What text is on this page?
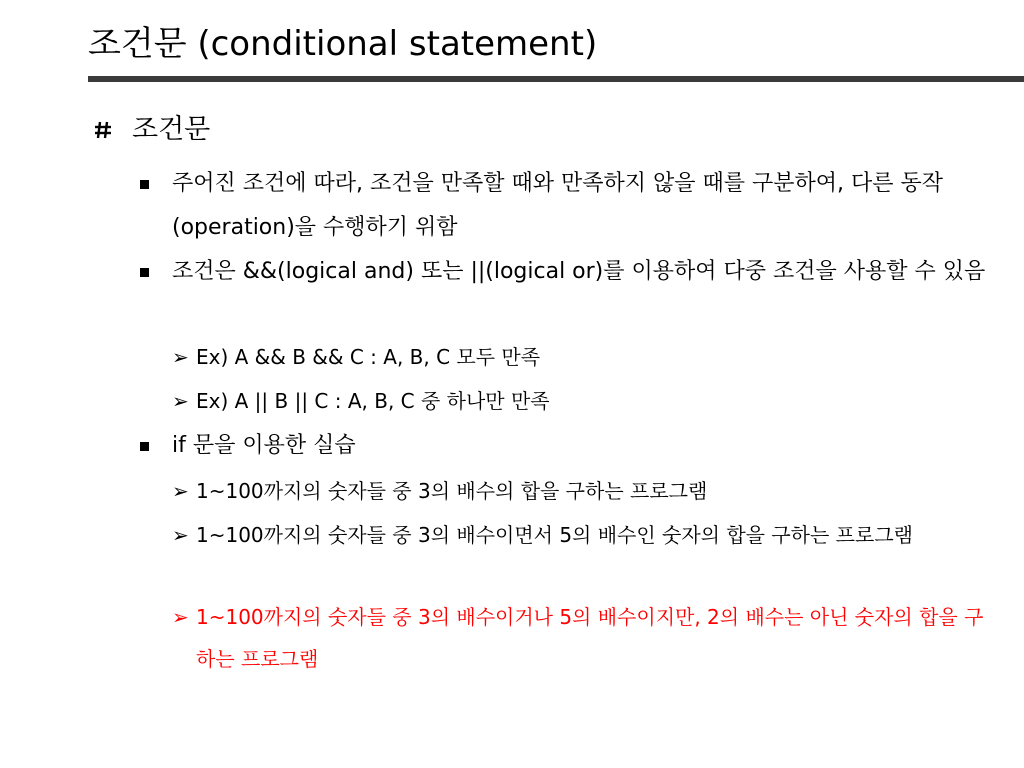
조건문 (conditional statement)
조건문
주어진 조건에 따라, 조건을 만족할 때와 만족하지 않을 때를 구분하여, 다른 동작(operation)을 수행하기 위함
조건은 &&(logical and) 또는 ||(logical or)를 이용하여 다중 조건을 사용할 수 있음
➢ Ex) A && B && C : A, B, C 모두 만족
➢ Ex) A || B || C : A, B, C 중 하나만 만족
if 문을 이용한 실습
➢ 1~100까지의 숫자들 중 3의 배수의 합을 구하는 프로그램
➢ 1~100까지의 숫자들 중 3의 배수이면서 5의 배수인 숫자의 합을 구하는 프로그램
➢ 1~100까지의 숫자들 중 3의 배수이거나 5의 배수이지만, 2의 배수는 아닌 숫자의 합을 구하는 프로그램
